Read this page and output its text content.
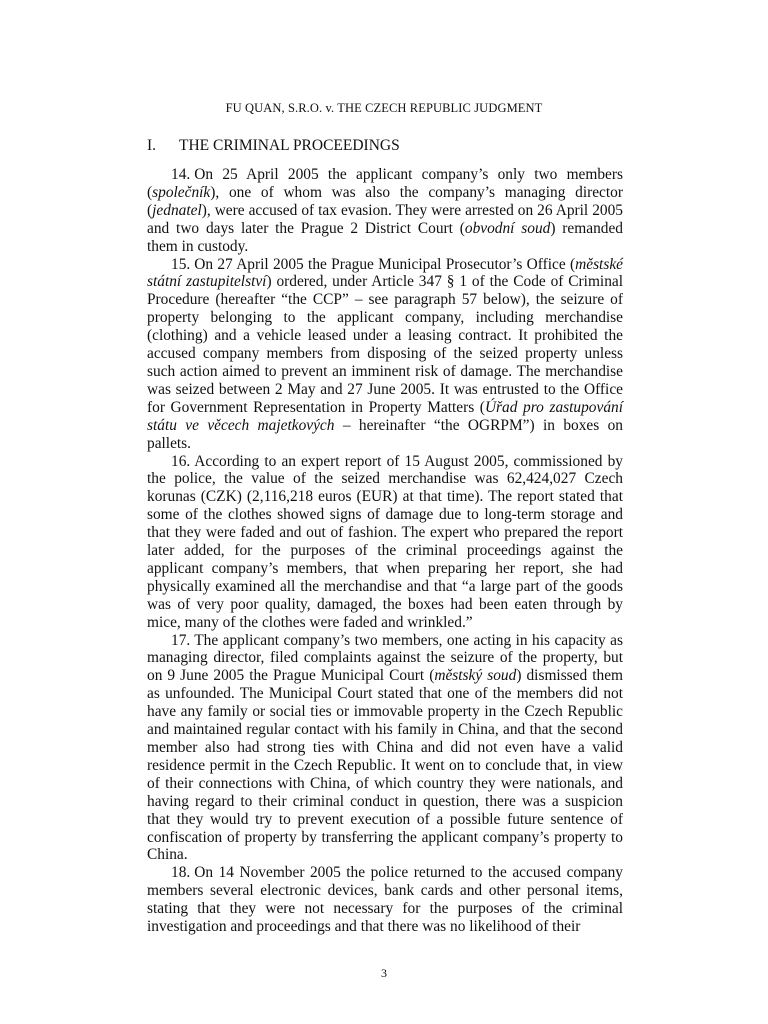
FU QUAN, S.R.O. v. THE CZECH REPUBLIC JUDGMENT
I. THE CRIMINAL PROCEEDINGS

14. On 25 April 2005 the applicant company’s only two members (společník), one of whom was also the company’s managing director (jednatel), were accused of tax evasion. They were arrested on 26 April 2005 and two days later the Prague 2 District Court (obvodní soud) remanded them in custody.

15. On 27 April 2005 the Prague Municipal Prosecutor’s Office (městské státní zastupitelství) ordered, under Article 347 § 1 of the Code of Criminal Procedure (hereafter “the CCP” – see paragraph 57 below), the seizure of property belonging to the applicant company, including merchandise (clothing) and a vehicle leased under a leasing contract. It prohibited the accused company members from disposing of the seized property unless such action aimed to prevent an imminent risk of damage. The merchandise was seized between 2 May and 27 June 2005. It was entrusted to the Office for Government Representation in Property Matters (Úřad pro zastupování státu ve věcech majetkových – hereinafter “the OGRPM”) in boxes on pallets.

16. According to an expert report of 15 August 2005, commissioned by the police, the value of the seized merchandise was 62,424,027 Czech korunas (CZK) (2,116,218 euros (EUR) at that time). The report stated that some of the clothes showed signs of damage due to long-term storage and that they were faded and out of fashion. The expert who prepared the report later added, for the purposes of the criminal proceedings against the applicant company’s members, that when preparing her report, she had physically examined all the merchandise and that “a large part of the goods was of very poor quality, damaged, the boxes had been eaten through by mice, many of the clothes were faded and wrinkled.”

17. The applicant company’s two members, one acting in his capacity as managing director, filed complaints against the seizure of the property, but on 9 June 2005 the Prague Municipal Court (městský soud) dismissed them as unfounded. The Municipal Court stated that one of the members did not have any family or social ties or immovable property in the Czech Republic and maintained regular contact with his family in China, and that the second member also had strong ties with China and did not even have a valid residence permit in the Czech Republic. It went on to conclude that, in view of their connections with China, of which country they were nationals, and having regard to their criminal conduct in question, there was a suspicion that they would try to prevent execution of a possible future sentence of confiscation of property by transferring the applicant company’s property to China.

18. On 14 November 2005 the police returned to the accused company members several electronic devices, bank cards and other personal items, stating that they were not necessary for the purposes of the criminal investigation and proceedings and that there was no likelihood of their

3
